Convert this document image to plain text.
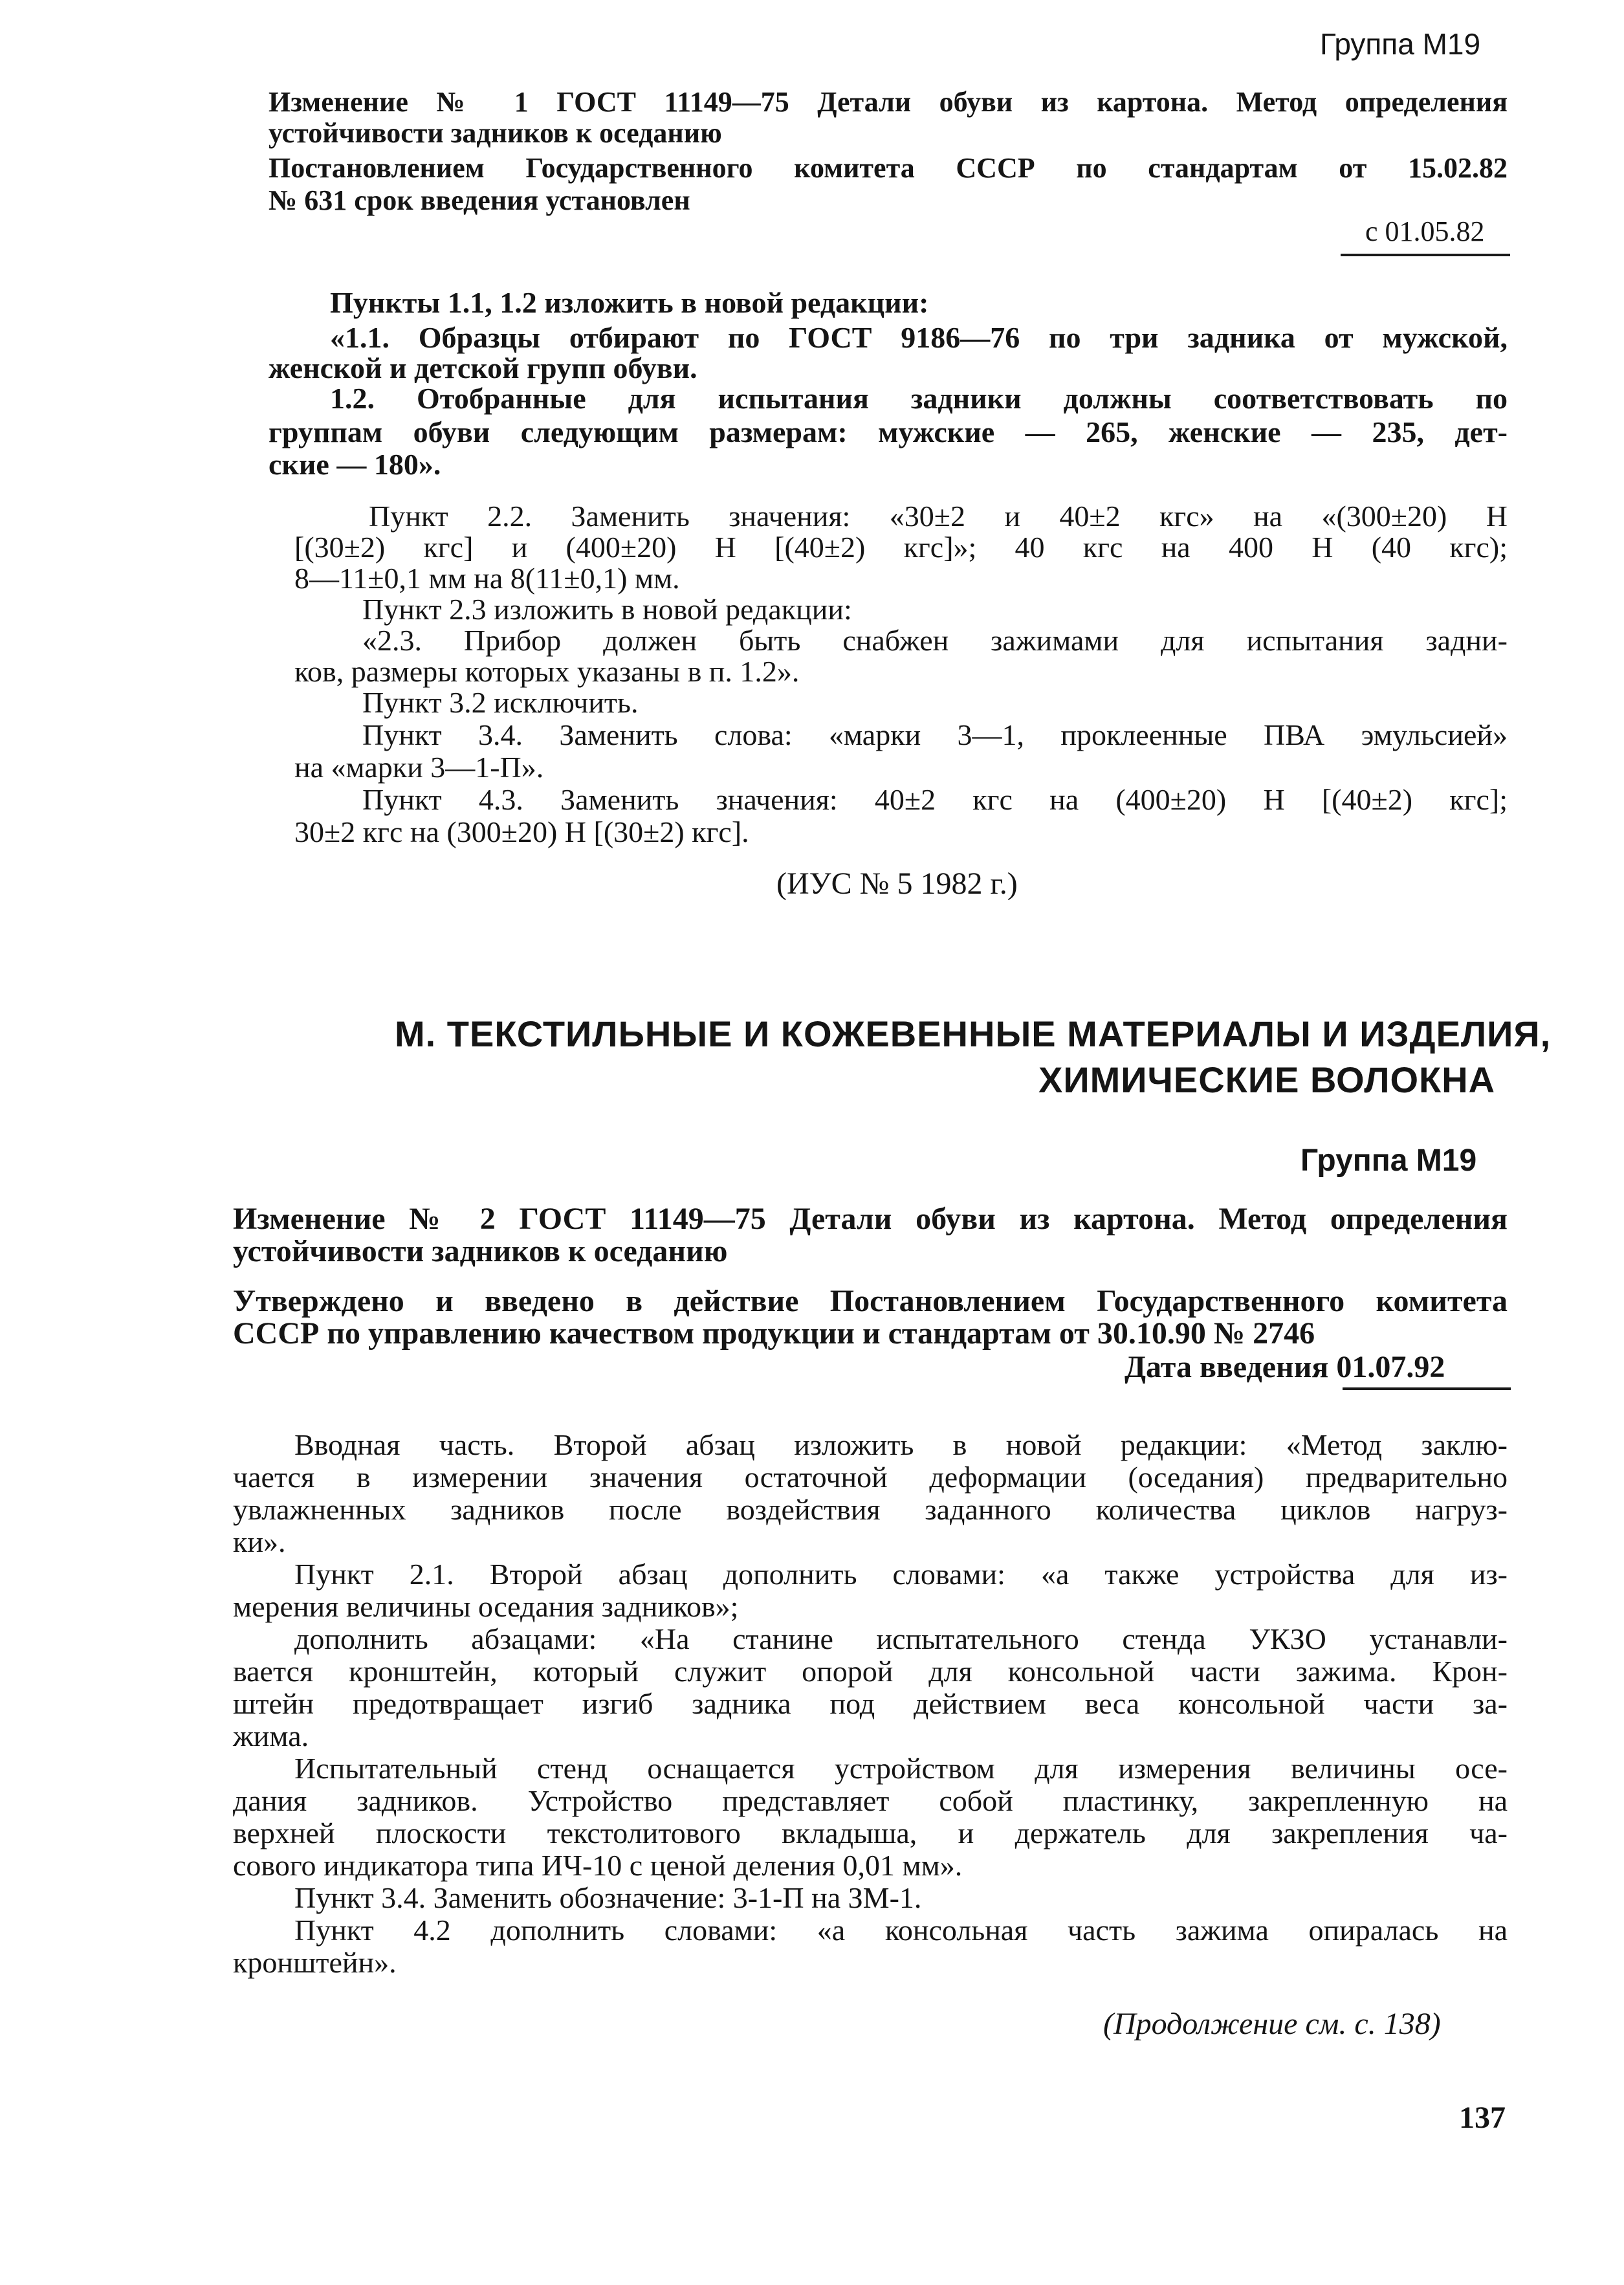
Группа М19
Изменение № 1 ГОСТ 11149—75 Детали обуви из картона. Метод определения
устойчивости задников к оседанию
Постановлением Государственного комитета СССР по стандартам от 15.02.82
№ 631 срок введения установлен
с 01.05.82
Пункты 1.1, 1.2 изложить в новой редакции:
«1.1. Образцы отбирают по ГОСТ 9186—76 по три задника от мужской,
женской и детской групп обуви.
1.2. Отобранные для испытания задники должны соответствовать по
группам обуви следующим размерам: мужские — 265, женские — 235, дет-
ские — 180».
Пункт 2.2. Заменить значения: «30±2 и 40±2 кгс» на «(300±20) Н
[(30±2) кгс] и (400±20) Н [(40±2) кгс]»; 40 кгс на 400 Н (40 кгс);
8—11±0,1 мм на 8(11±0,1) мм.
Пункт 2.3 изложить в новой редакции:
«2.3. Прибор должен быть снабжен зажимами для испытания задни-
ков, размеры которых указаны в п. 1.2».
Пункт 3.2 исключить.
Пункт 3.4. Заменить слова: «марки 3—1, проклеенные ПВА эмульсией»
на «марки 3—1-П».
Пункт 4.3. Заменить значения: 40±2 кгс на (400±20) Н [(40±2) кгс];
30±2 кгс на (300±20) Н [(30±2) кгс].
(ИУС № 5 1982 г.)
М. ТЕКСТИЛЬНЫЕ И КОЖЕВЕННЫЕ МАТЕРИАЛЫ И ИЗДЕЛИЯ,
ХИМИЧЕСКИЕ ВОЛОКНА
Группа М19
Изменение № 2 ГОСТ 11149—75 Детали обуви из картона. Метод определения
устойчивости задников к оседанию
Утверждено и введено в действие Постановлением Государственного комитета
СССР по управлению качеством продукции и стандартам от 30.10.90 № 2746
Дата введения 01.07.92
Вводная часть. Второй абзац изложить в новой редакции: «Метод заклю-
чается в измерении значения остаточной деформации (оседания) предварительно
увлажненных задников после воздействия заданного количества циклов нагруз-
ки».
Пункт 2.1. Второй абзац дополнить словами: «а также устройства для из-
мерения величины оседания задников»;
дополнить абзацами: «На станине испытательного стенда УКЗО устанавли-
вается кронштейн, который служит опорой для консольной части зажима. Крон-
штейн предотвращает изгиб задника под действием веса консольной части за-
жима.
Испытательный стенд оснащается устройством для измерения величины осе-
дания задников. Устройство представляет собой пластинку, закрепленную на
верхней плоскости текстолитового вкладыша, и держатель для закрепления ча-
сового индикатора типа ИЧ-10 с ценой деления 0,01 мм».
Пункт 3.4. Заменить обозначение: 3-1-П на ЗМ-1.
Пункт 4.2 дополнить словами: «а консольная часть зажима опиралась на
кронштейн».
(Продолжение см. с. 138)
137
